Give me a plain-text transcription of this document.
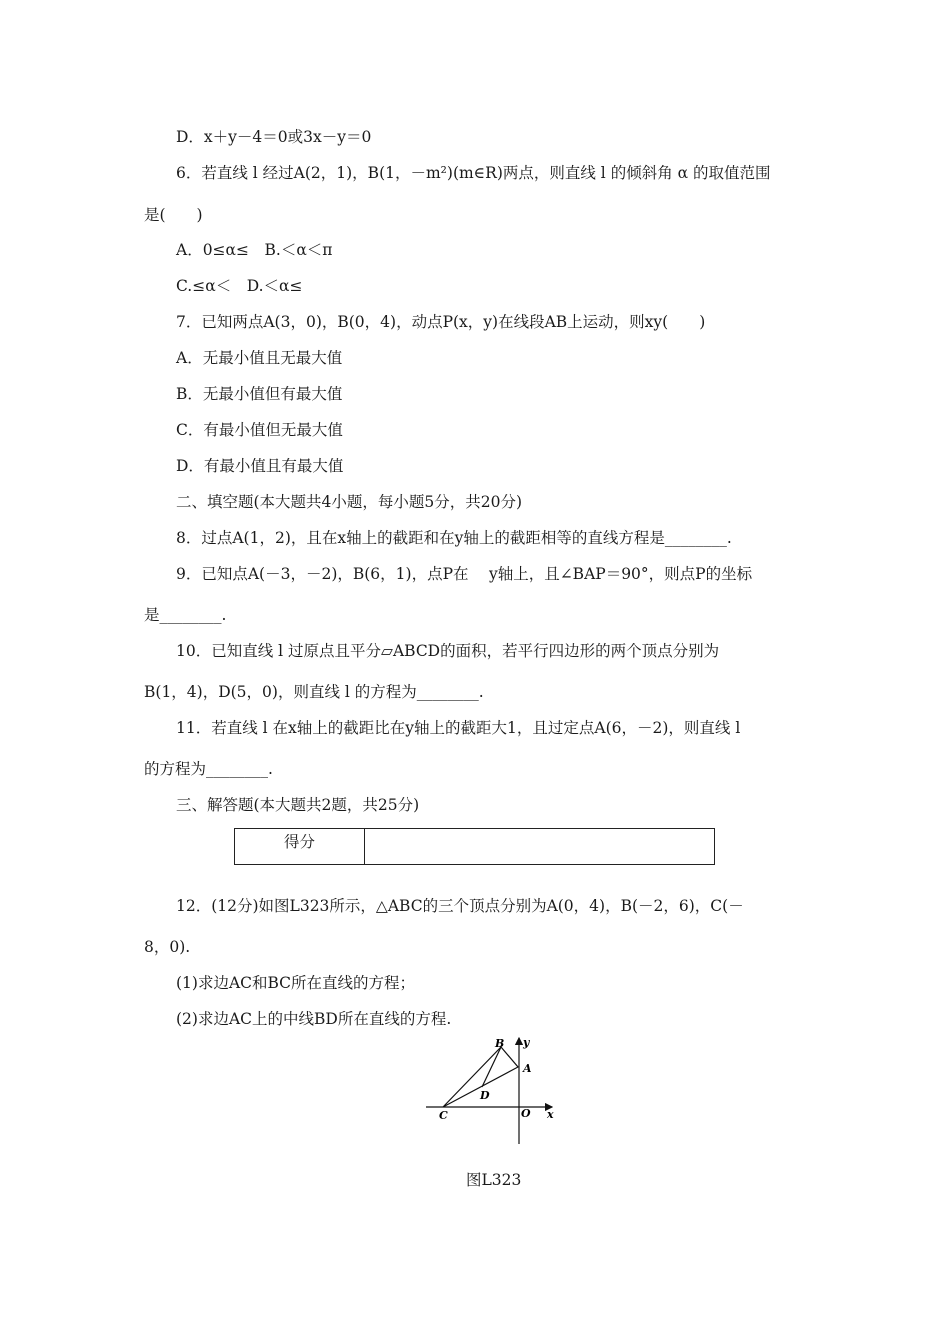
D．x＋y－4＝0或3x－y＝0
6．若直线 l 经过A(2，1)，B(1，－m²)(m∈R)两点，则直线 l 的倾斜角 α 的取值范围
是(　　)
A．0≤α≤　B.＜α＜π
C.≤α＜　D.＜α≤
7．已知两点A(3，0)，B(0，4)，动点P(x，y)在线段AB上运动，则xy(　　)
A．无最小值且无最大值
B．无最小值但有最大值
C．有最小值但无最大值
D．有最小值且有最大值
二、填空题(本大题共4小题，每小题5分，共20分)
8．过点A(1，2)，且在x轴上的截距和在y轴上的截距相等的直线方程是________.
9．已知点A(－3，－2)，B(6，1)，点P在　 y轴上，且∠BAP＝90°，则点P的坐标
是________.
10．已知直线 l 过原点且平分▱ABCD的面积，若平行四边形的两个顶点分别为
B(1，4)，D(5，0)，则直线 l 的方程为________.
11．若直线 l 在x轴上的截距比在y轴上的截距大1，且过定点A(6，－2)，则直线 l
的方程为________.
三、解答题(本大题共2题，共25分)
得分
12．(12分)如图L323所示，△ABC的三个顶点分别为A(0，4)，B(－2，6)，C(－
8，0).
(1)求边AC和BC所在直线的方程；
(2)求边AC上的中线BD所在直线的方程.
B y
A
D
C	O x
图L323
